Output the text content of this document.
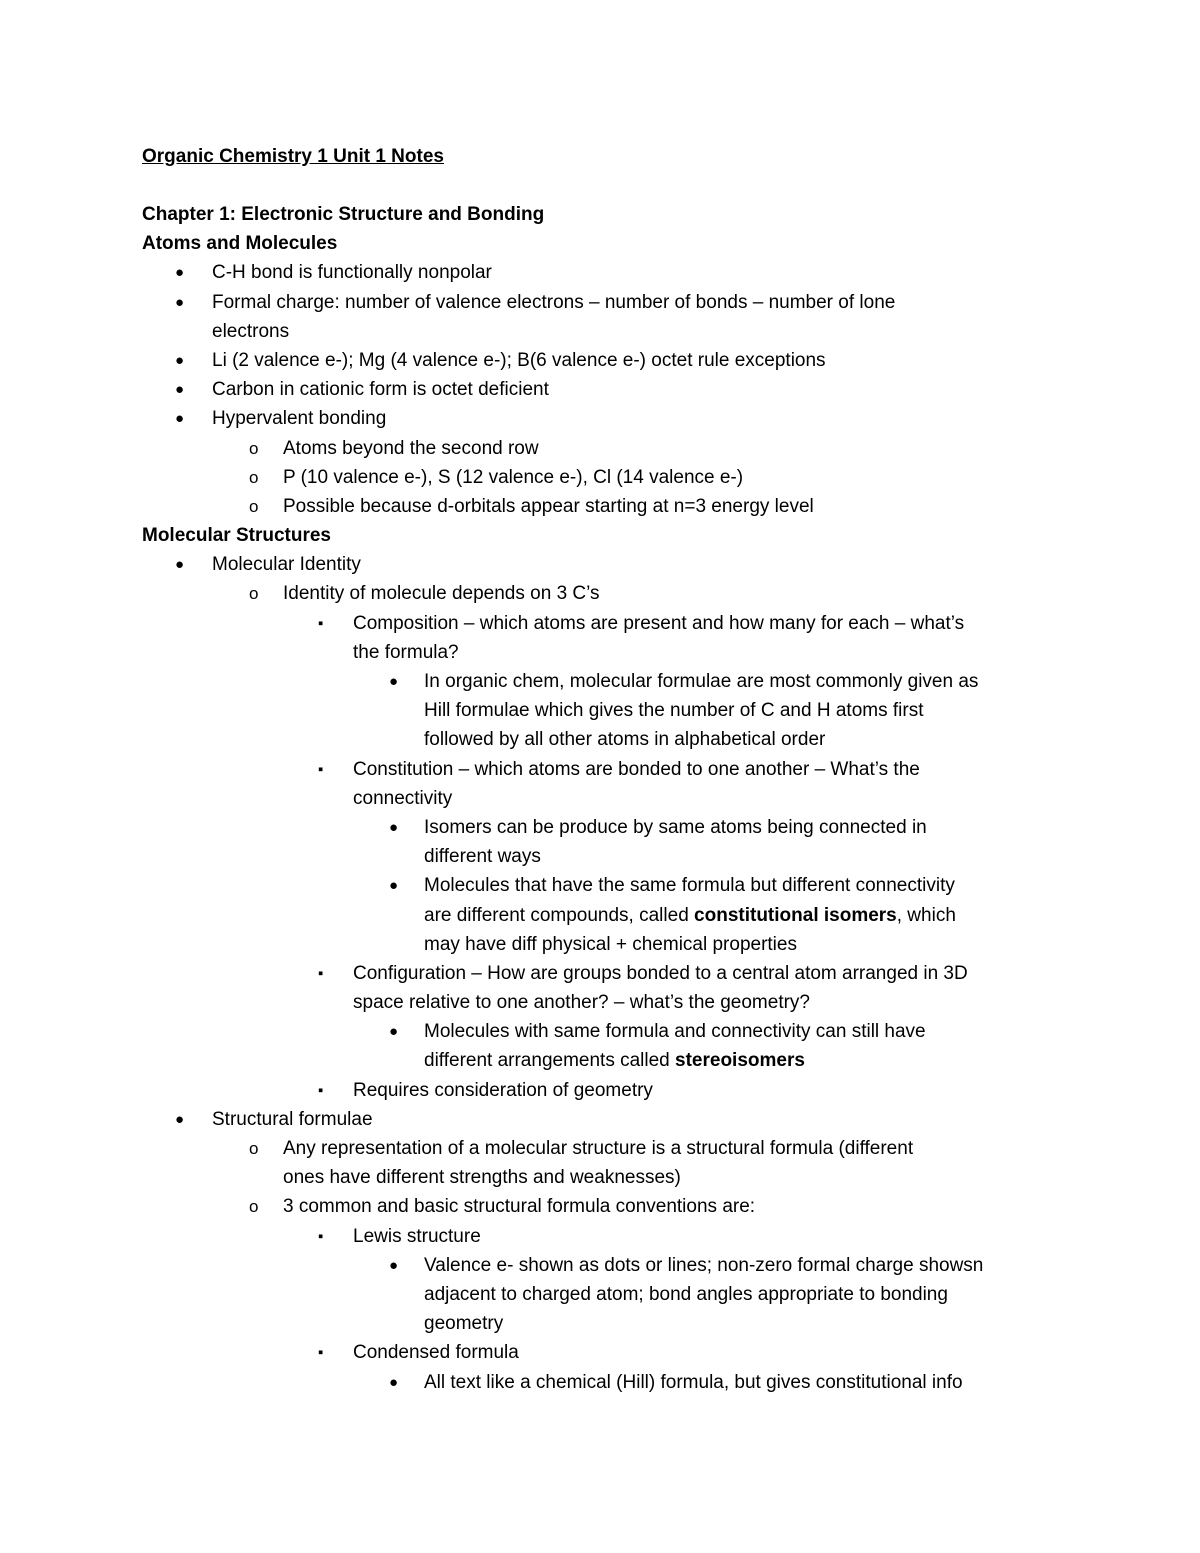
Organic Chemistry 1 Unit 1 Notes
Chapter 1: Electronic Structure and Bonding
Atoms and Molecules
● C-H bond is functionally nonpolar
● Formal charge: number of valence electrons – number of bonds – number of lone
electrons
● Li (2 valence e-); Mg (4 valence e-); B(6 valence e-) octet rule exceptions
● Carbon in cationic form is octet deficient
● Hypervalent bonding
o Atoms beyond the second row
o P (10 valence e-), S (12 valence e-), Cl (14 valence e-)
o Possible because d-orbitals appear starting at n=3 energy level
Molecular Structures
● Molecular Identity
o Identity of molecule depends on 3 C’s
▪ Composition – which atoms are present and how many for each – what’s
the formula?
● In organic chem, molecular formulae are most commonly given as
Hill formulae which gives the number of C and H atoms first
followed by all other atoms in alphabetical order
▪ Constitution – which atoms are bonded to one another – What’s the
connectivity
● Isomers can be produce by same atoms being connected in
different ways
● Molecules that have the same formula but different connectivity
are different compounds, called constitutional isomers, which
may have diff physical + chemical properties
▪ Configuration – How are groups bonded to a central atom arranged in 3D
space relative to one another? – what’s the geometry?
● Molecules with same formula and connectivity can still have
different arrangements called stereoisomers
▪ Requires consideration of geometry
● Structural formulae
o Any representation of a molecular structure is a structural formula (different
ones have different strengths and weaknesses)
o 3 common and basic structural formula conventions are:
▪ Lewis structure
● Valence e- shown as dots or lines; non-zero formal charge showsn
adjacent to charged atom; bond angles appropriate to bonding
geometry
▪ Condensed formula
● All text like a chemical (Hill) formula, but gives constitutional info
